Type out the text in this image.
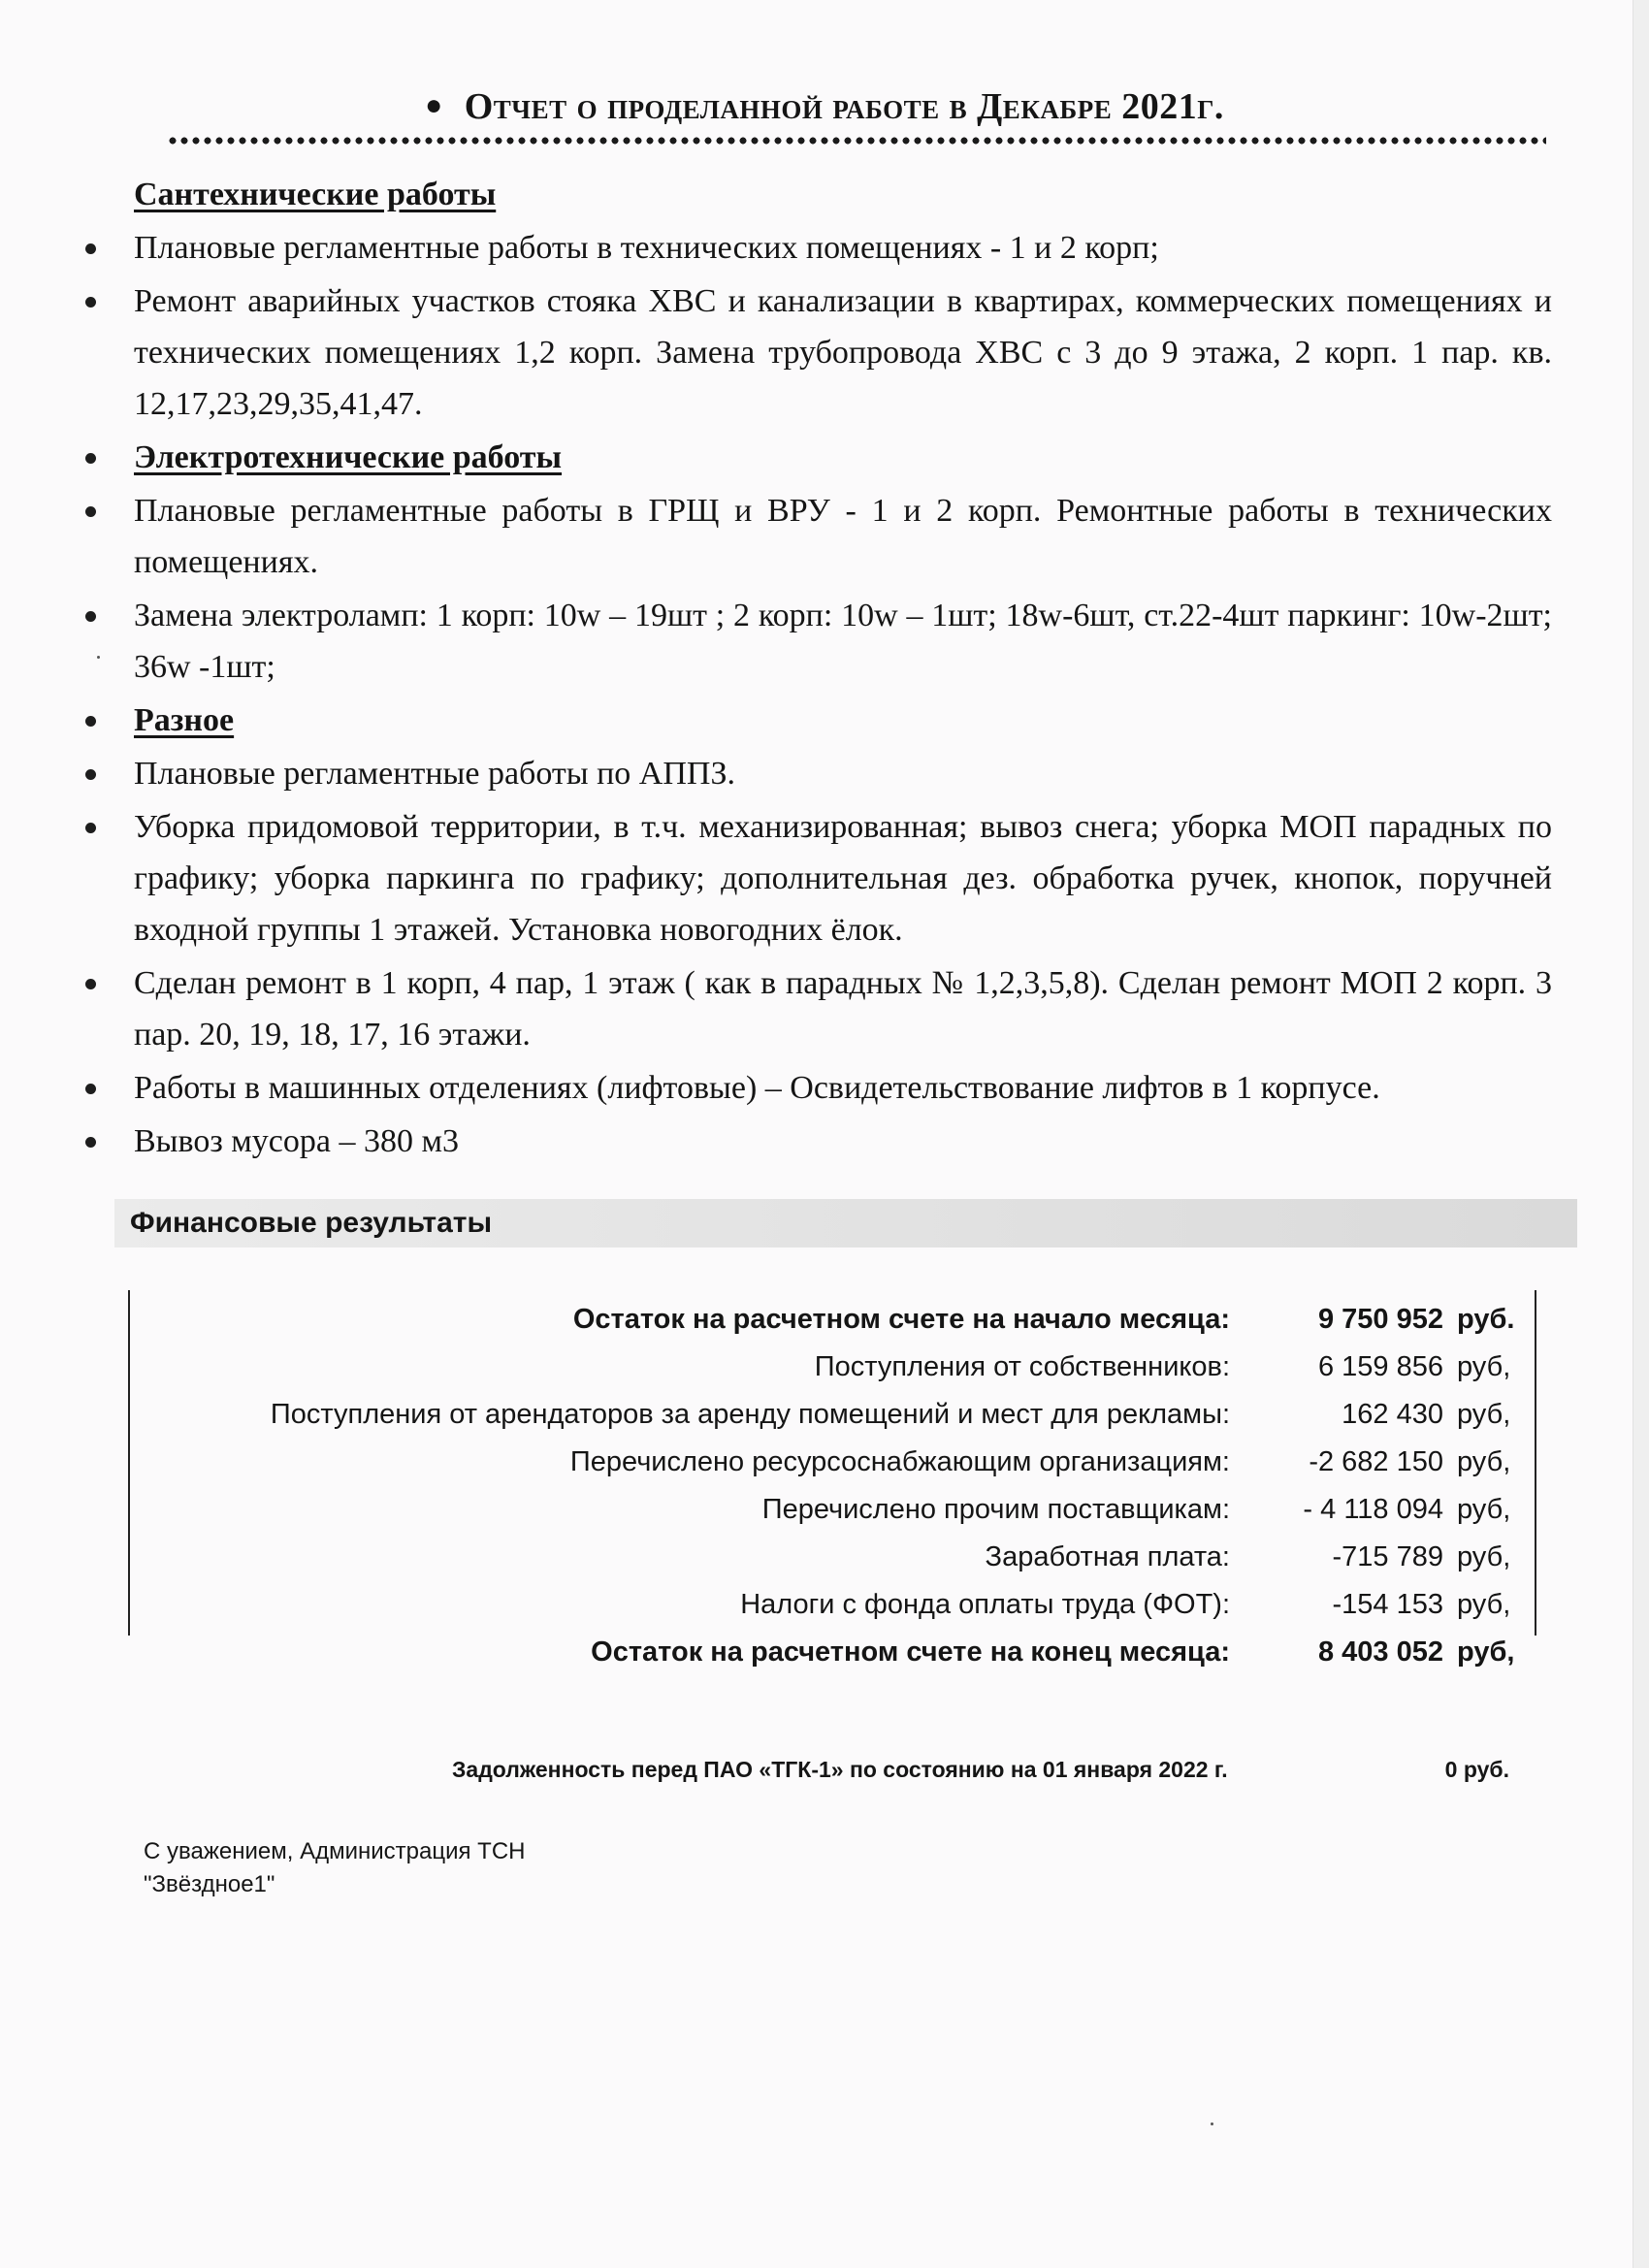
● Отчет о проделанной работе в Декабре 2021г.
Сантехнические работы
Плановые регламентные работы в технических помещениях - 1 и 2 корп;
Ремонт аварийных участков стояка ХВС и канализации в квартирах, коммерческих помещениях и технических помещениях 1,2 корп. Замена трубопровода ХВС с 3 до 9 этажа, 2 корп. 1 пар. кв. 12,17,23,29,35,41,47.
Электротехнические работы
Плановые регламентные работы в ГРЩ и ВРУ - 1 и 2 корп. Ремонтные работы в технических помещениях.
Замена электроламп: 1 корп: 10w – 19шт ; 2 корп: 10w – 1шт; 18w-6шт, ст.22-4шт паркинг: 10w-2шт; 36w -1шт;
Разное
Плановые регламентные работы по АППЗ.
Уборка придомовой территории, в т.ч. механизированная; вывоз снега; уборка МОП парадных по графику; уборка паркинга по графику; дополнительная дез. обработка ручек, кнопок, поручней входной группы 1 этажей. Установка новогодних ёлок.
Сделан ремонт в 1 корп, 4 пар, 1 этаж ( как в парадных № 1,2,3,5,8). Сделан ремонт МОП 2 корп. 3 пар. 20, 19, 18, 17, 16 этажи.
Работы в машинных отделениях (лифтовые) – Освидетельствование лифтов в 1 корпусе.
Вывоз мусора – 380 м3
Финансовые результаты
Остаток на расчетном счете на начало месяца:	9 750 952 руб.
Поступления от собственников:	6 159 856 руб,
Поступления от арендаторов за аренду помещений и мест для рекламы:	162 430 руб,
Перечислено ресурсоснабжающим организациям:	-2 682 150 руб,
Перечислено прочим поставщикам:	- 4 118 094 руб,
Заработная плата:	-715 789 руб,
Налоги с фонда оплаты труда (ФОТ):	-154 153 руб,
Остаток на расчетном счете на конец месяца:	8 403 052 руб,
Задолженность перед ПАО «ТГК-1» по состоянию на 01 января 2022 г.	0 руб.
С уважением, Администрация ТСН
"Звёздное1"
